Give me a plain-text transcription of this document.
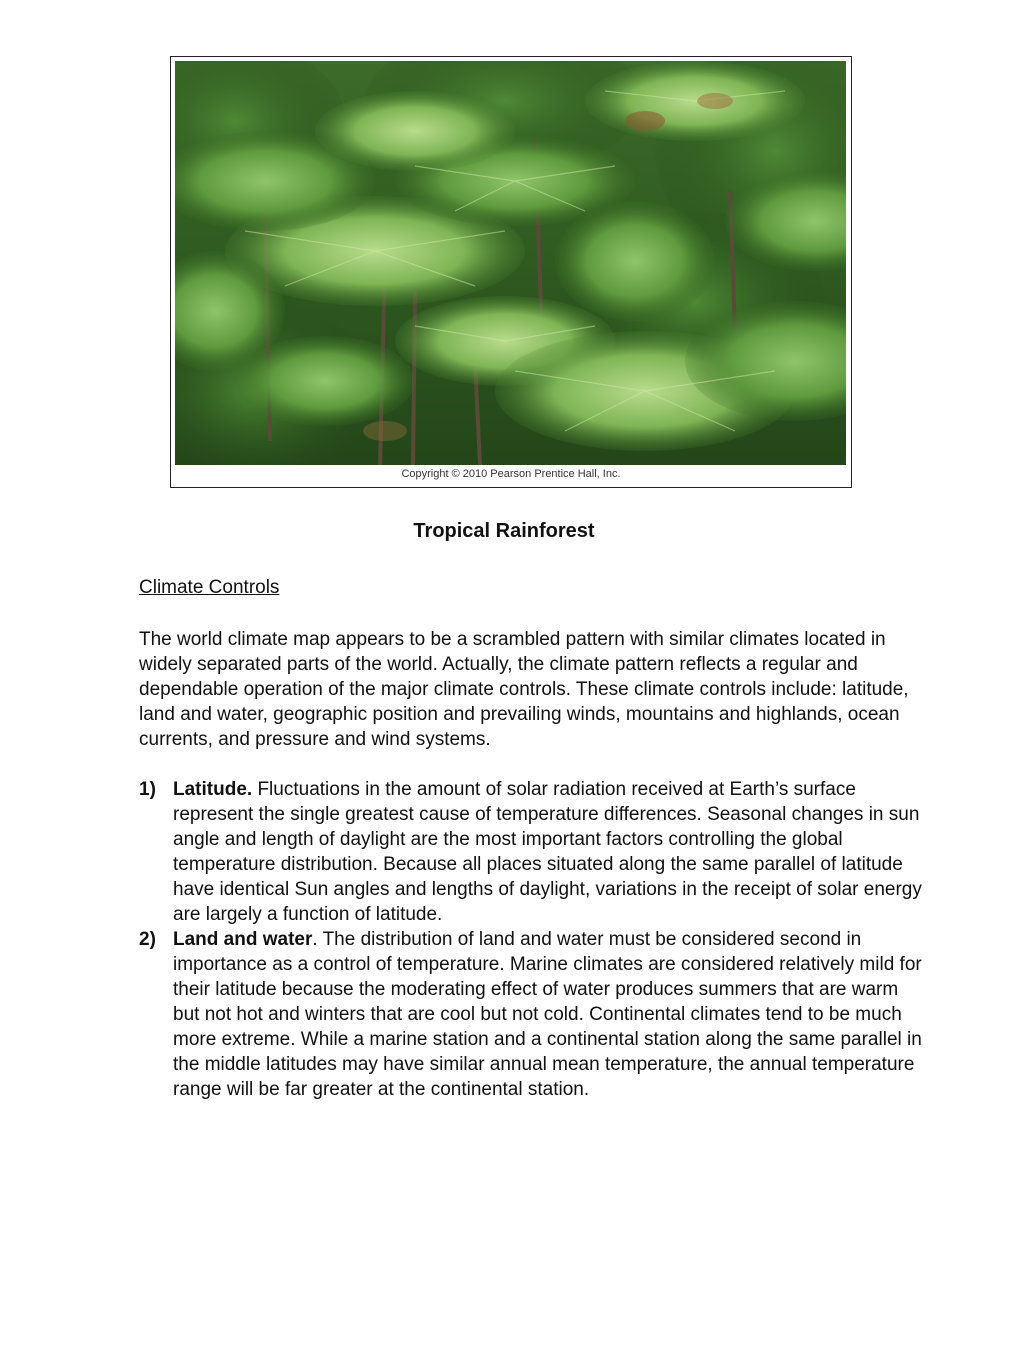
Copyright © 2010 Pearson Prentice Hall, Inc.
Tropical Rainforest
Climate Controls

The world climate map appears to be a scrambled pattern with similar climates located in widely separated parts of the world. Actually, the climate pattern reflects a regular and dependable operation of the major climate controls. These climate controls include: latitude, land and water, geographic position and prevailing winds, mountains and highlands, ocean currents, and pressure and wind systems.

1) Latitude. Fluctuations in the amount of solar radiation received at Earth’s surface represent the single greatest cause of temperature differences. Seasonal changes in sun angle and length of daylight are the most important factors controlling the global temperature distribution. Because all places situated along the same parallel of latitude have identical Sun angles and lengths of daylight, variations in the receipt of solar energy are largely a function of latitude.
2) Land and water. The distribution of land and water must be considered second in importance as a control of temperature. Marine climates are considered relatively mild for their latitude because the moderating effect of water produces summers that are warm but not hot and winters that are cool but not cold. Continental climates tend to be much more extreme. While a marine station and a continental station along the same parallel in the middle latitudes may have similar annual mean temperature, the annual temperature range will be far greater at the continental station.
